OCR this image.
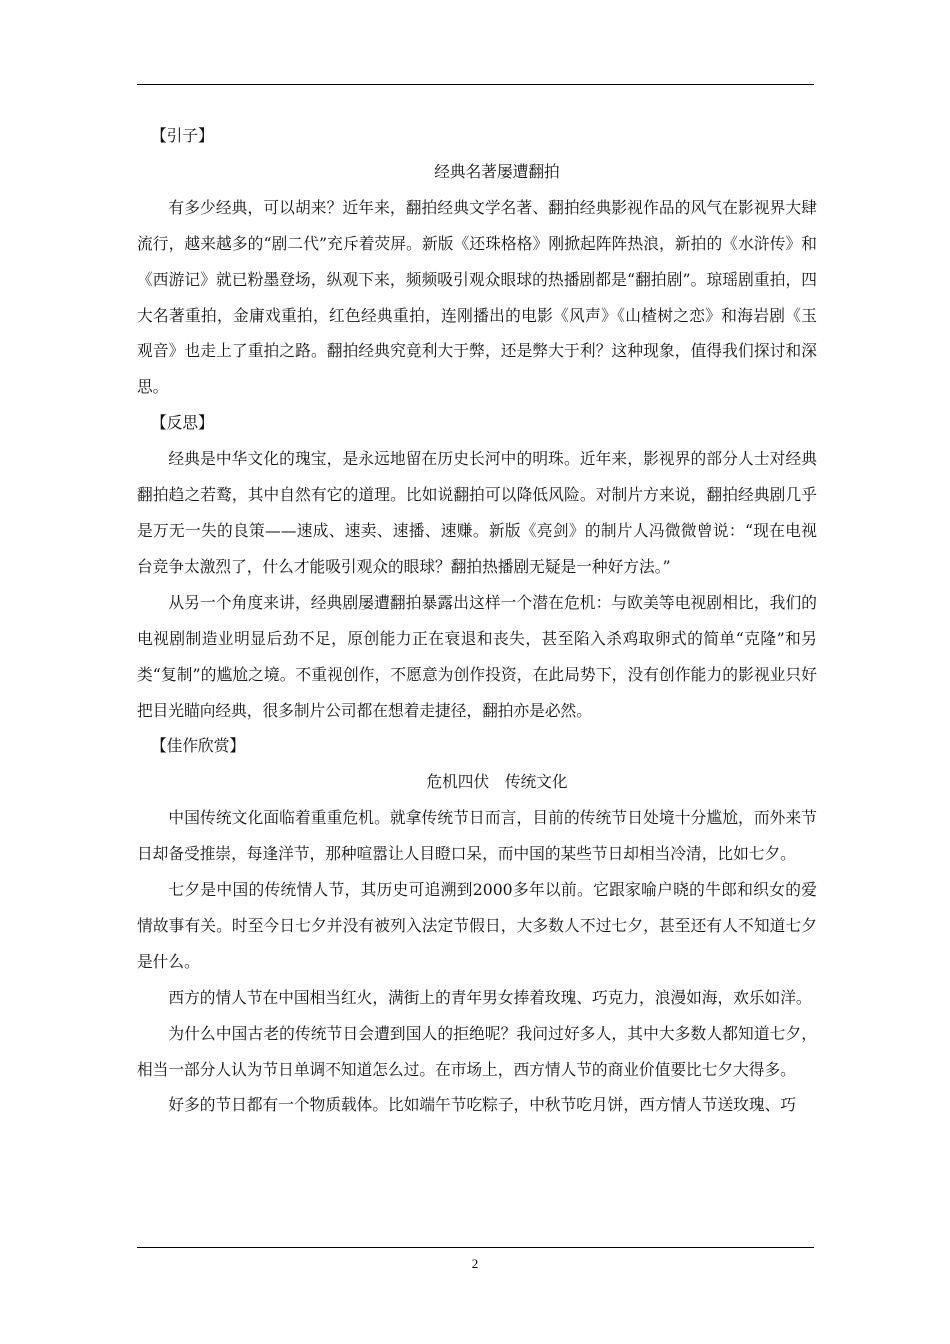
【引子】

经典名著屡遭翻拍

有多少经典，可以胡来？近年来，翻拍经典文学名著、翻拍经典影视作品的风气在影视界大肆流行，越来越多的“剧二代”充斥着荧屏。新版《还珠格格》刚掀起阵阵热浪，新拍的《水浒传》和《西游记》就已粉墨登场，纵观下来，频频吸引观众眼球的热播剧都是“翻拍剧”。琼瑶剧重拍，四大名著重拍，金庸戏重拍，红色经典重拍，连刚播出的电影《风声》《山楂树之恋》和海岩剧《玉观音》也走上了重拍之路。翻拍经典究竟利大于弊，还是弊大于利？这种现象，值得我们探讨和深思。

【反思】

经典是中华文化的瑰宝，是永远地留在历史长河中的明珠。近年来，影视界的部分人士对经典翻拍趋之若鹜，其中自然有它的道理。比如说翻拍可以降低风险。对制片方来说，翻拍经典剧几乎是万无一失的良策——速成、速卖、速播、速赚。新版《亮剑》的制片人冯微微曾说：“现在电视台竞争太激烈了，什么才能吸引观众的眼球？翻拍热播剧无疑是一种好方法。”

从另一个角度来讲，经典剧屡遭翻拍暴露出这样一个潜在危机：与欧美等电视剧相比，我们的电视剧制造业明显后劲不足，原创能力正在衰退和丧失，甚至陷入杀鸡取卵式的简单“克隆”和另类“复制”的尴尬之境。不重视创作，不愿意为创作投资，在此局势下，没有创作能力的影视业只好把目光瞄向经典，很多制片公司都在想着走捷径，翻拍亦是必然。

【佳作欣赏】

危机四伏　传统文化

中国传统文化面临着重重危机。就拿传统节日而言，目前的传统节日处境十分尴尬，而外来节日却备受推崇，每逢洋节，那种喧嚣让人目瞪口呆，而中国的某些节日却相当冷清，比如七夕。

七夕是中国的传统情人节，其历史可追溯到2000多年以前。它跟家喻户晓的牛郎和织女的爱情故事有关。时至今日七夕并没有被列入法定节假日，大多数人不过七夕，甚至还有人不知道七夕是什么。

西方的情人节在中国相当红火，满街上的青年男女捧着玫瑰、巧克力，浪漫如海，欢乐如洋。

为什么中国古老的传统节日会遭到国人的拒绝呢？我问过好多人，其中大多数人都知道七夕，相当一部分人认为节日单调不知道怎么过。在市场上，西方情人节的商业价值要比七夕大得多。

好多的节日都有一个物质载体。比如端午节吃粽子，中秋节吃月饼，西方情人节送玫瑰、巧

2
